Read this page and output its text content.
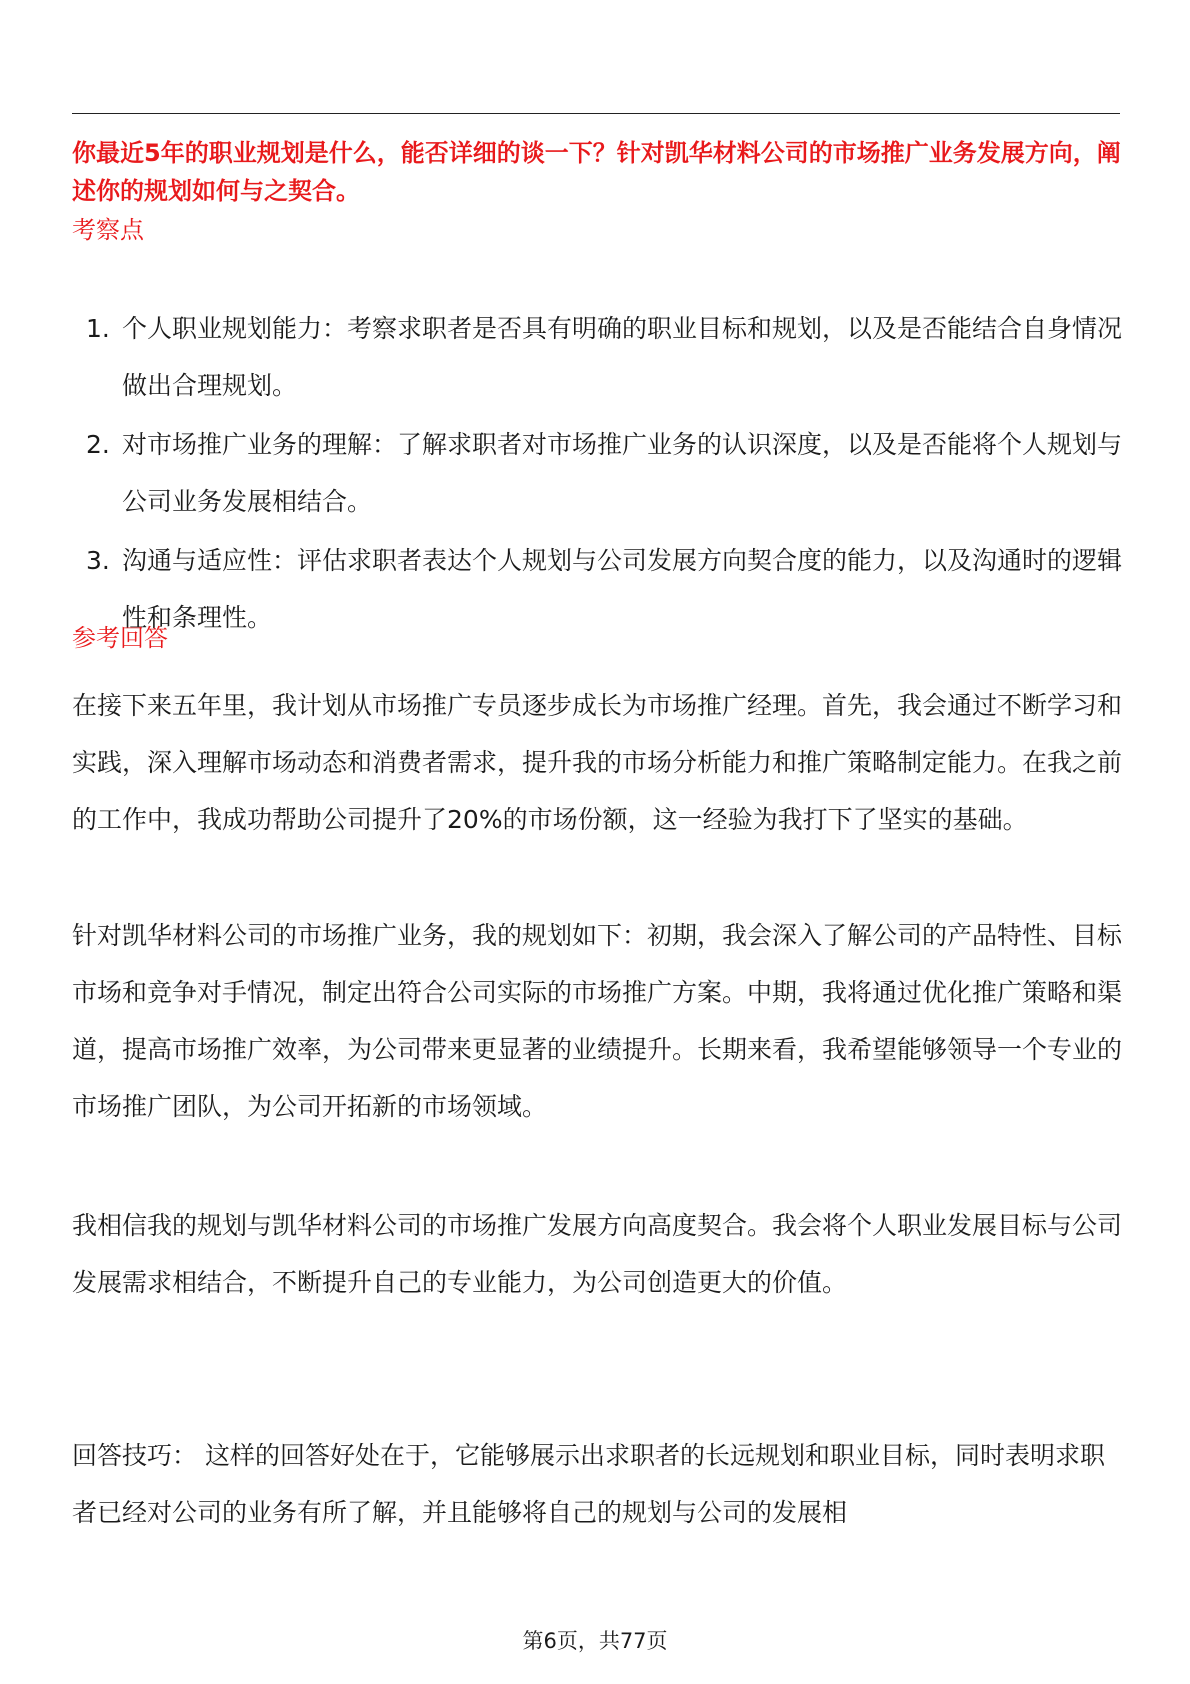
你最近5年的职业规划是什么，能否详细的谈一下？针对凯华材料公司的市场推广业务发展方向，阐述你的规划如何与之契合。

考察点
1. 个人职业规划能力：考察求职者是否具有明确的职业目标和规划，以及是否能结合自身情况做出合理规划。
2. 对市场推广业务的理解：了解求职者对市场推广业务的认识深度，以及是否能将个人规划与公司业务发展相结合。
3. 沟通与适应性：评估求职者表达个人规划与公司发展方向契合度的能力，以及沟通时的逻辑性和条理性。
参考回答

在接下来五年里，我计划从市场推广专员逐步成长为市场推广经理。首先，我会通过不断学习和实践，深入理解市场动态和消费者需求，提升我的市场分析能力和推广策略制定能力。在我之前的工作中，我成功帮助公司提升了20%的市场份额，这一经验为我打下了坚实的基础。

针对凯华材料公司的市场推广业务，我的规划如下：初期，我会深入了解公司的产品特性、目标市场和竞争对手情况，制定出符合公司实际的市场推广方案。中期，我将通过优化推广策略和渠道，提高市场推广效率，为公司带来更显著的业绩提升。长期来看，我希望能够领导一个专业的市场推广团队，为公司开拓新的市场领域。

我相信我的规划与凯华材料公司的市场推广发展方向高度契合。我会将个人职业发展目标与公司发展需求相结合，不断提升自己的专业能力，为公司创造更大的价值。

回答技巧： 这样的回答好处在于，它能够展示出求职者的长远规划和职业目标，同时表明求职者已经对公司的业务有所了解，并且能够将自己的规划与公司的发展相

第6页，共77页
